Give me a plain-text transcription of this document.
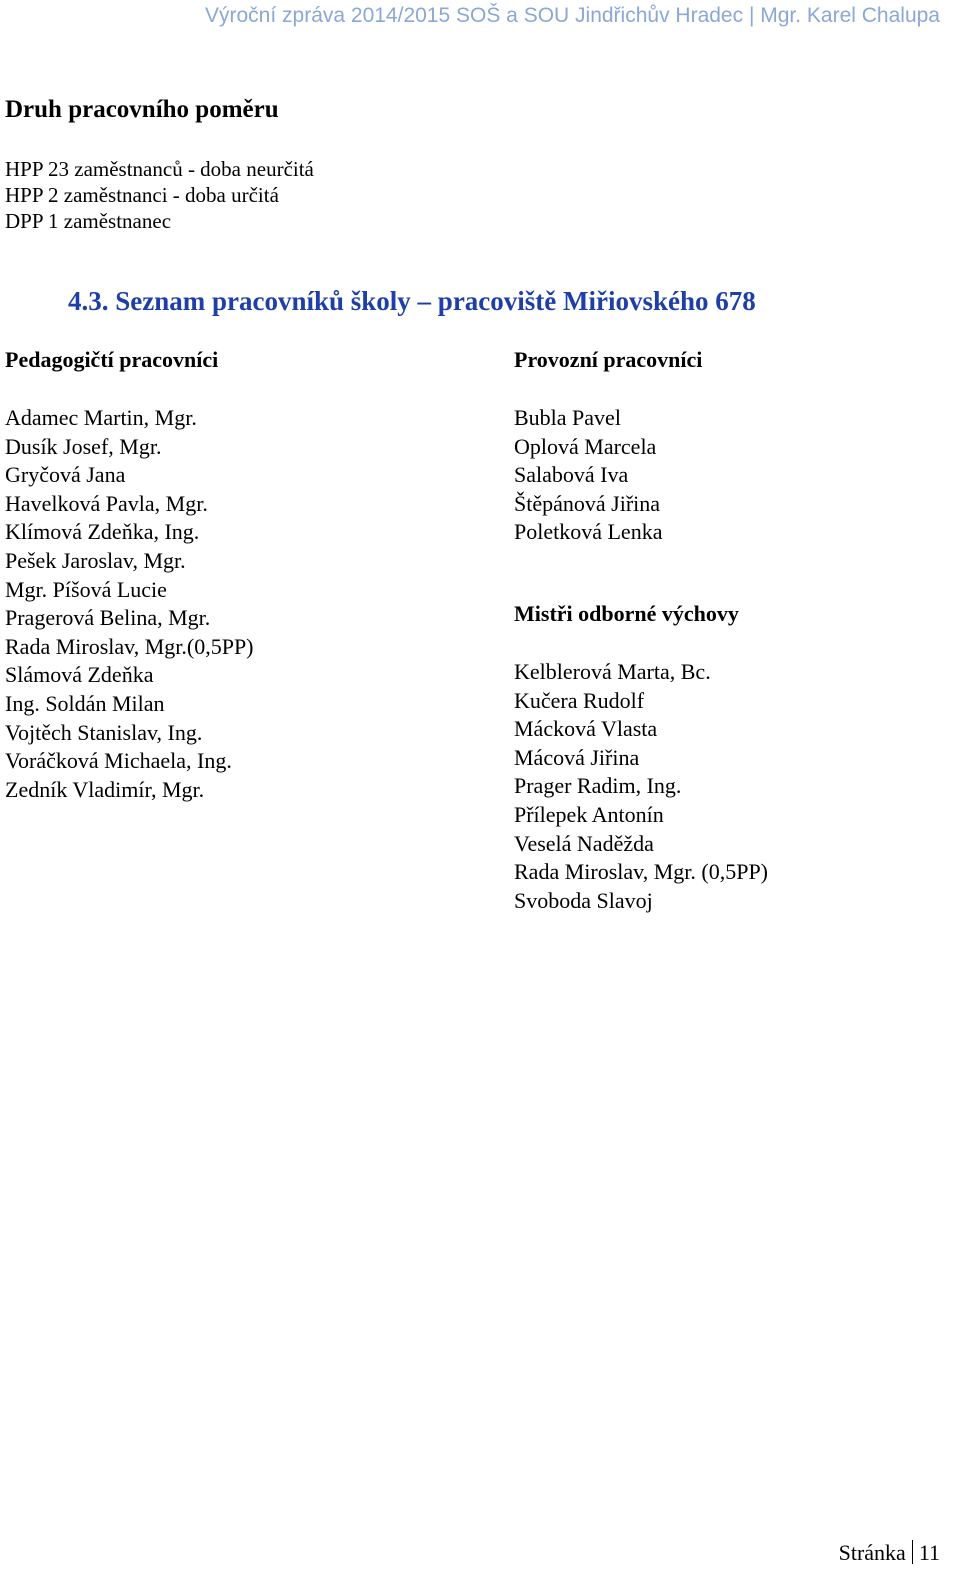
Výroční zpráva 2014/2015 SOŠ a SOU Jindřichův Hradec | Mgr. Karel Chalupa
Druh pracovního poměru
HPP 23 zaměstnanců - doba neurčitá
HPP 2 zaměstnanci - doba určitá
DPP 1 zaměstnanec
4.3. Seznam pracovníků školy – pracoviště Miřiovského 678
Pedagogičtí pracovníci
Adamec Martin, Mgr.
Dusík Josef, Mgr.
Gryčová Jana
Havelková Pavla, Mgr.
Klímová Zdeňka, Ing.
Pešek Jaroslav, Mgr.
Mgr. Píšová Lucie
Pragerová Belina, Mgr.
Rada Miroslav, Mgr.(0,5PP)
Slámová Zdeňka
Ing. Soldán Milan
Vojtěch Stanislav, Ing.
Voráčková Michaela, Ing.
Zedník Vladimír, Mgr.
Provozní pracovníci
Bubla Pavel
Oplová Marcela
Salabová Iva
Štěpánová Jiřina
Poletková Lenka
Mistři odborné výchovy
Kelblerová Marta, Bc.
Kučera Rudolf
Mácková Vlasta
Mácová Jiřina
Prager Radim, Ing.
Přílepek Antonín
Veselá Naděžda
Rada Miroslav, Mgr. (0,5PP)
Svoboda Slavoj
Stránka 11
